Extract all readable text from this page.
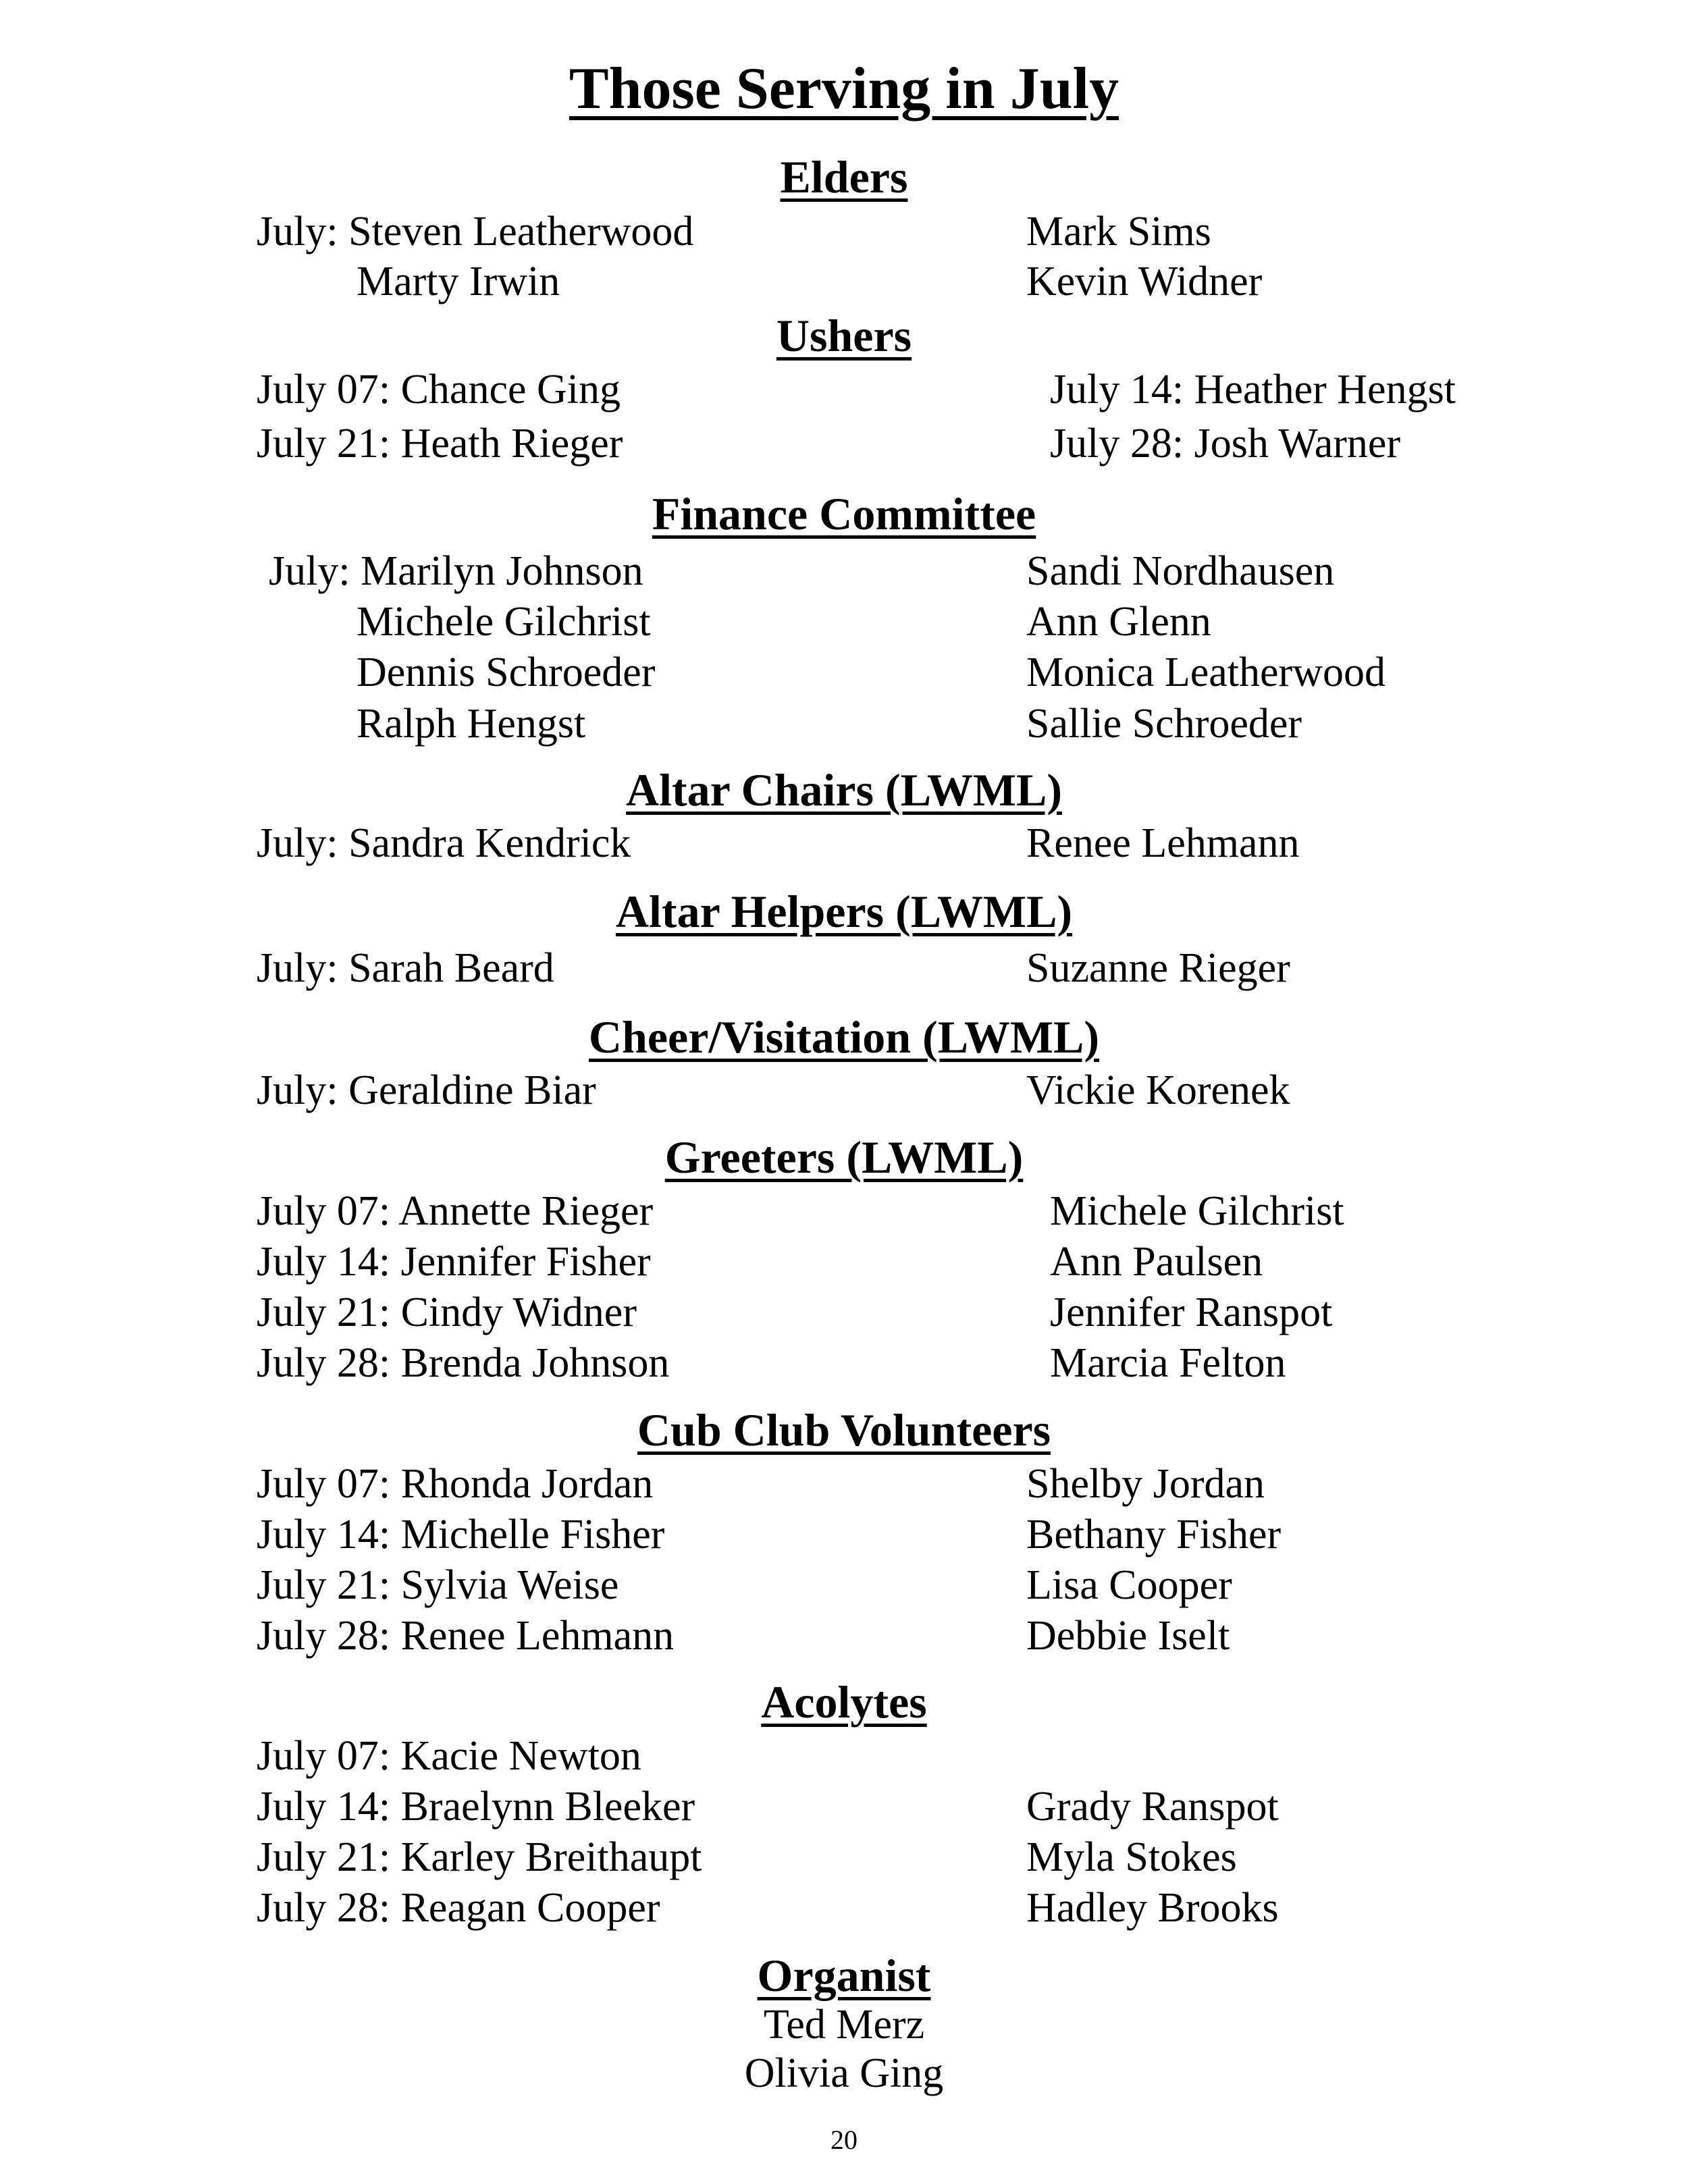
Those Serving in July
Elders
July: Steven Leatherwood	Mark Sims
Marty Irwin	Kevin Widner
Ushers
July 07: Chance Ging	July 14: Heather Hengst
July 21: Heath Rieger	July 28: Josh Warner
Finance Committee
July: Marilyn Johnson	Sandi Nordhausen
Michele Gilchrist	Ann Glenn
Dennis Schroeder	Monica Leatherwood
Ralph Hengst	Sallie Schroeder
Altar Chairs (LWML)
July: Sandra Kendrick	Renee Lehmann
Altar Helpers (LWML)
July: Sarah Beard	Suzanne Rieger
Cheer/Visitation (LWML)
July: Geraldine Biar	Vickie Korenek
Greeters (LWML)
July 07: Annette Rieger	Michele Gilchrist
July 14: Jennifer Fisher	Ann Paulsen
July 21: Cindy Widner	Jennifer Ranspot
July 28: Brenda Johnson	Marcia Felton
Cub Club Volunteers
July 07: Rhonda Jordan	Shelby Jordan
July 14: Michelle Fisher	Bethany Fisher
July 21: Sylvia Weise	Lisa Cooper
July 28: Renee Lehmann	Debbie Iselt
Acolytes
July 07: Kacie Newton
July 14: Braelynn Bleeker	Grady Ranspot
July 21: Karley Breithaupt	Myla Stokes
July 28: Reagan Cooper	Hadley Brooks
Organist
Ted Merz
Olivia Ging
20
